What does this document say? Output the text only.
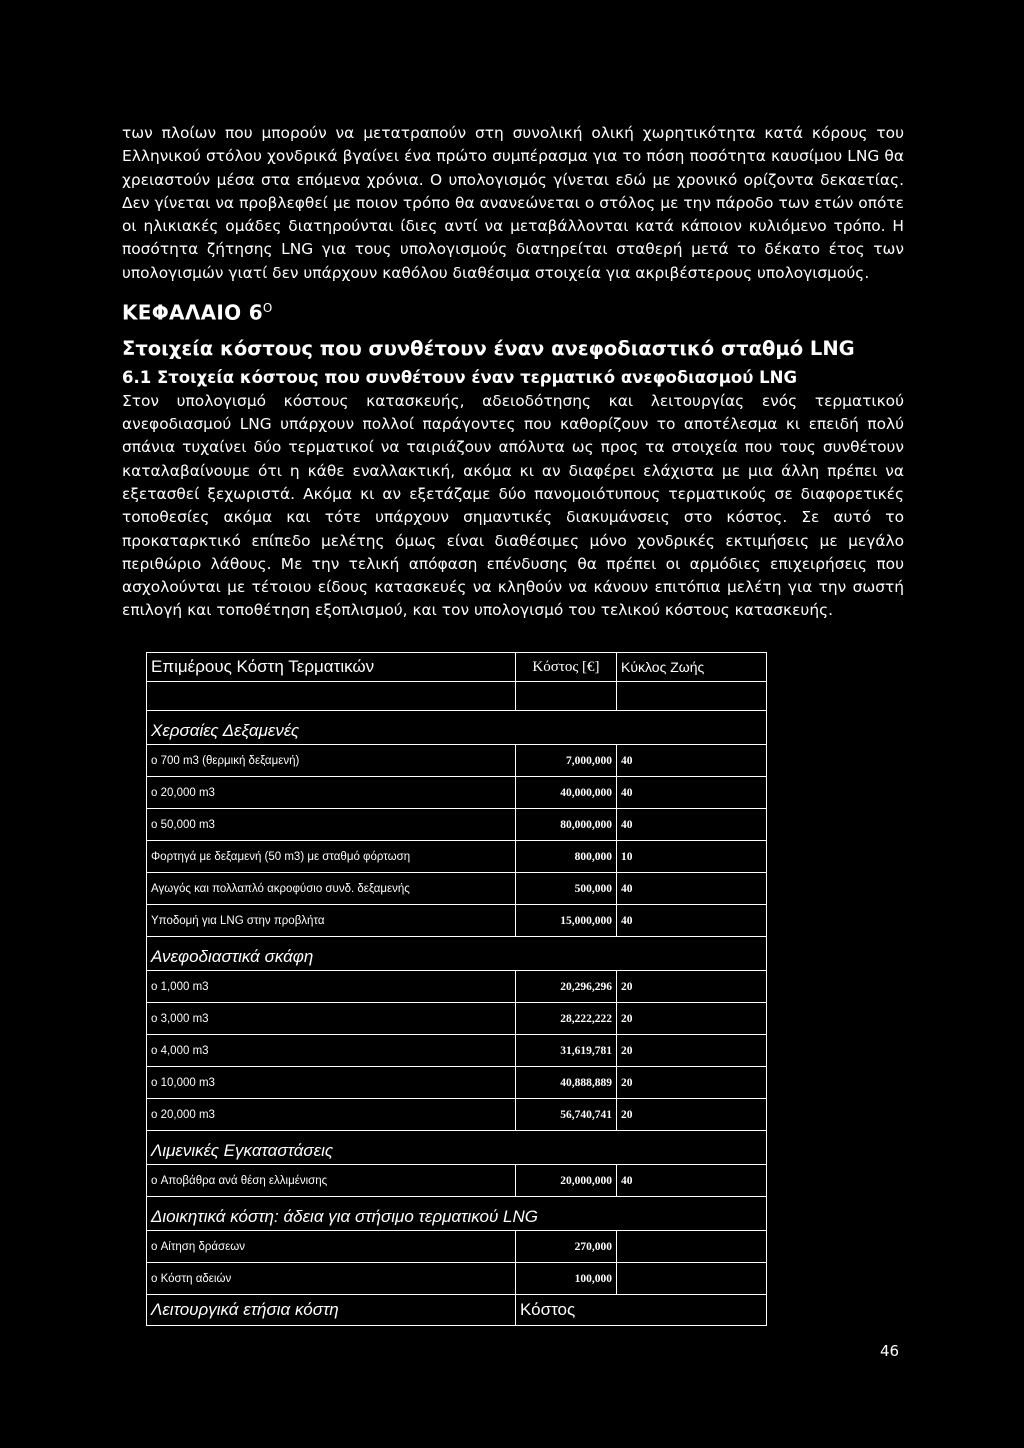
των πλοίων που μπορούν να μετατραπούν στη συνολική ολική χωρητικότητα κατά κόρους του Ελληνικού στόλου χονδρικά βγαίνει ένα πρώτο συμπέρασμα για το πόση ποσότητα καυσίμου LNG θα χρειαστούν μέσα στα επόμενα χρόνια. Ο υπολογισμός γίνεται εδώ με χρονικό ορίζοντα δεκαετίας. Δεν γίνεται να προβλεφθεί με ποιον τρόπο θα ανανεώνεται ο στόλος με την πάροδο των ετών οπότε οι ηλικιακές ομάδες διατηρούνται ίδιες αντί να μεταβάλλονται κατά κάποιον κυλιόμενο τρόπο. Η ποσότητα ζήτησης LNG για τους υπολογισμούς διατηρείται σταθερή μετά το δέκατο έτος των υπολογισμών γιατί δεν υπάρχουν καθόλου διαθέσιμα στοιχεία για ακριβέστερους υπολογισμούς.

ΚΕΦΑΛΑΙΟ $6^O$
Στοιχεία κόστους που συνθέτουν έναν ανεφοδιαστικό σταθμό LNG
6.1 Στοιχεία κόστους που συνθέτουν έναν τερματικό ανεφοδιασμού LNG

Στον υπολογισμό κόστους κατασκευής, αδειοδότησης και λειτουργίας ενός τερματικού ανεφοδιασμού LNG υπάρχουν πολλοί παράγοντες που καθορίζουν το αποτέλεσμα κι επειδή πολύ σπάνια τυχαίνει δύο τερματικοί να ταιριάζουν απόλυτα ως προς τα στοιχεία που τους συνθέτουν καταλαβαίνουμε ότι η κάθε εναλλακτική, ακόμα κι αν διαφέρει ελάχιστα με μια άλλη πρέπει να εξετασθεί ξεχωριστά. Ακόμα κι αν εξετάζαμε δύο πανομοιότυπους τερματικούς σε διαφορετικές τοποθεσίες ακόμα και τότε υπάρχουν σημαντικές διακυμάνσεις στο κόστος. Σε αυτό το προκαταρκτικό επίπεδο μελέτης όμως είναι διαθέσιμες μόνο χονδρικές εκτιμήσεις με μεγάλο περιθώριο λάθους. Με την τελική απόφαση επένδυσης θα πρέπει οι αρμόδιες επιχειρήσεις που ασχολούνται με τέτοιου είδους κατασκευές να κληθούν να κάνουν επιτόπια μελέτη για την σωστή επιλογή και τοποθέτηση εξοπλισμού, και τον υπολογισμό του τελικού κόστους κατασκευής.

Επιμέρους Κόστη Τερματικών	Κόστος [€]	Κύκλος Ζωής

Χερσαίες Δεξαμενές		
o 700 m3 (θερμική δεξαμενή)	7,000,000	40
o 20,000 m3	40,000,000	40
o 50,000 m3	80,000,000	40
Φορτηγά με δεξαμενή (50 m3) με σταθμό φόρτωση	800,000	10
Αγωγός και πολλαπλό ακροφύσιο συνδ. δεξαμενής	500,000	40
Υποδομή για LNG στην προβλήτα	15,000,000	40
Ανεφοδιαστικά σκάφη		
o 1,000 m3	20,296,296	20
o 3,000 m3	28,222,222	20
o 4,000 m3	31,619,781	20
o 10,000 m3	40,888,889	20
o 20,000 m3	56,740,741	20
Λιμενικές Εγκαταστάσεις		
o Αποβάθρα ανά θέση ελλιμένισης	20,000,000	40
Διοικητικά κόστη: άδεια για στήσιμο τερματικού LNG		
o Αίτηση δράσεων	270,000	
o Κόστη αδειών	100,000	
Λειτουργικά ετήσια κόστη	Κόστος	
46
